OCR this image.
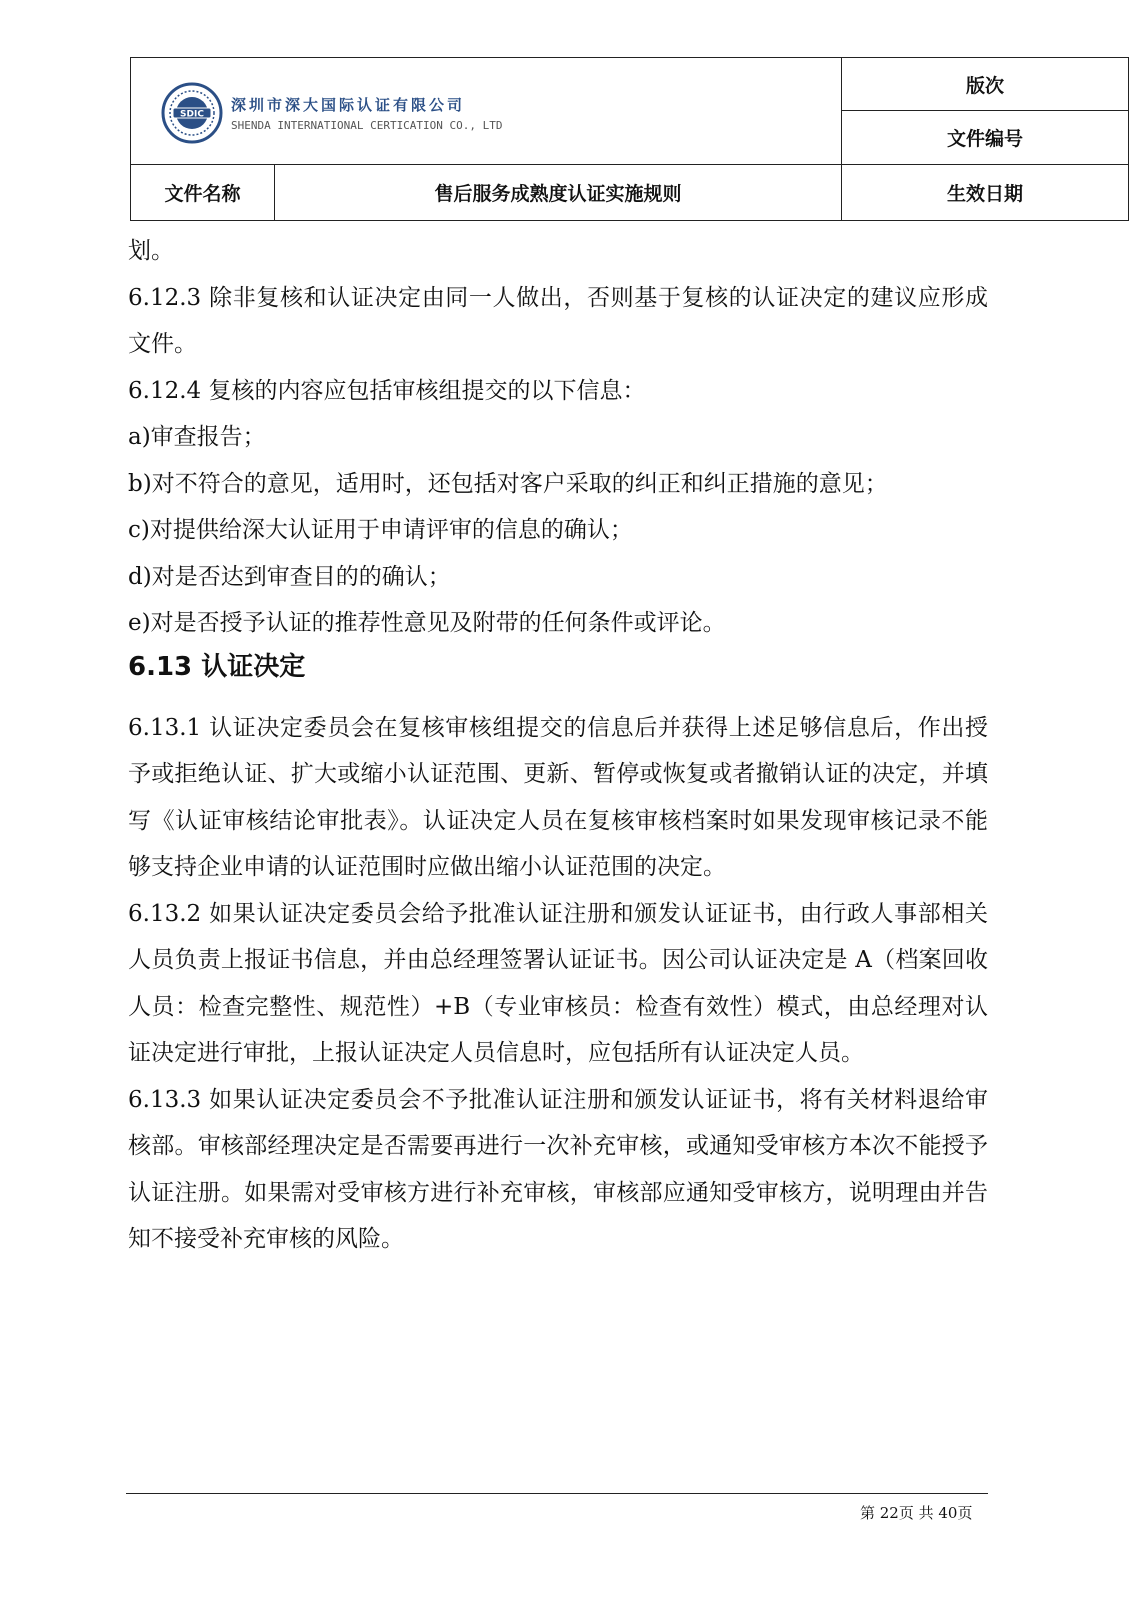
SDIC
深圳市深大国际认证有限公司
SHENDA INTERNATIONAL CERTICATION CO., LTD		版次
		文件编号
文件名称	售后服务成熟度认证实施规则	生效日期

划。

6.12.3 除非复核和认证决定由同一人做出，否则基于复核的认证决定的建议应形成文件。

6.12.4 复核的内容应包括审核组提交的以下信息：

a)审查报告；

b)对不符合的意见，适用时，还包括对客户采取的纠正和纠正措施的意见；

c)对提供给深大认证用于申请评审的信息的确认；

d)对是否达到审查目的的确认；

e)对是否授予认证的推荐性意见及附带的任何条件或评论。

6.13 认证决定

6.13.1 认证决定委员会在复核审核组提交的信息后并获得上述足够信息后，作出授予或拒绝认证、扩大或缩小认证范围、更新、暂停或恢复或者撤销认证的决定，并填写《认证审核结论审批表》。认证决定人员在复核审核档案时如果发现审核记录不能够支持企业申请的认证范围时应做出缩小认证范围的决定。

6.13.2 如果认证决定委员会给予批准认证注册和颁发认证证书，由行政人事部相关人员负责上报证书信息，并由总经理签署认证证书。因公司认证决定是 A（档案回收人员：检查完整性、规范性）+B（专业审核员：检查有效性）模式，由总经理对认证决定进行审批，上报认证决定人员信息时，应包括所有认证决定人员。

6.13.3 如果认证决定委员会不予批准认证注册和颁发认证证书，将有关材料退给审核部。审核部经理决定是否需要再进行一次补充审核，或通知受审核方本次不能授予认证注册。如果需对受审核方进行补充审核，审核部应通知受审核方，说明理由并告知不接受补充审核的风险。

第 22页 共 40页
